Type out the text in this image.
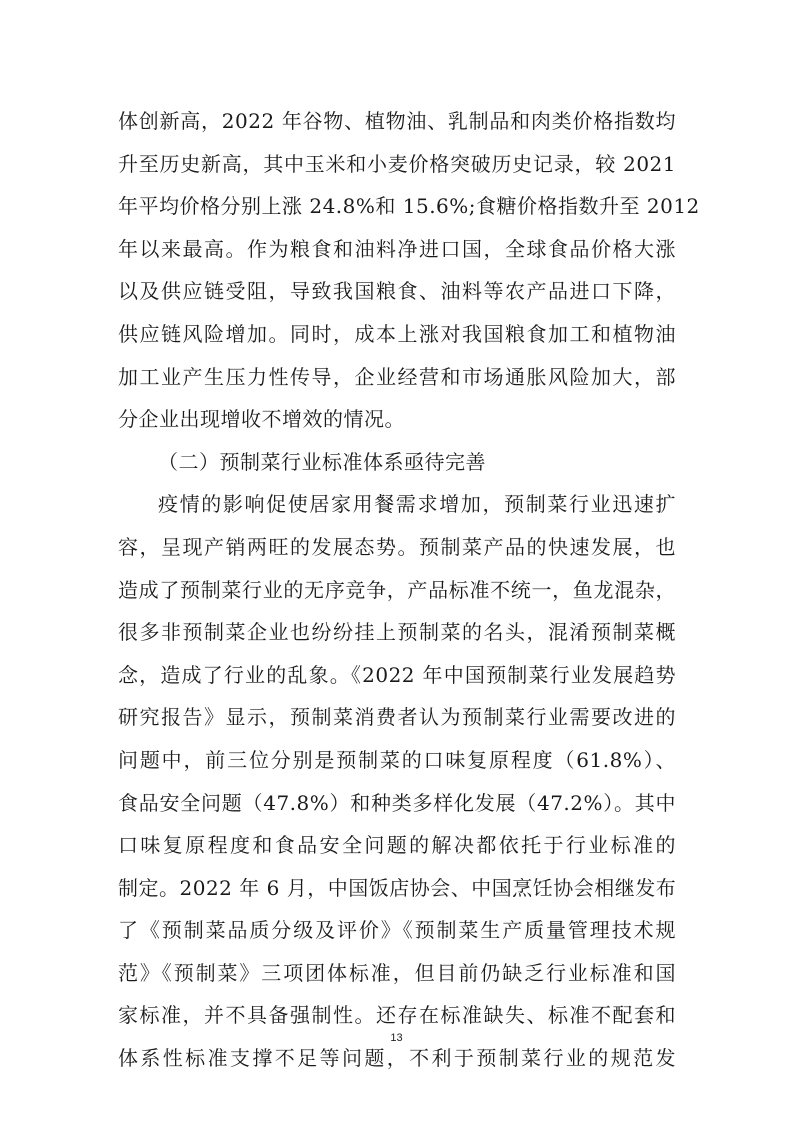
体创新高，2022 年谷物、植物油、乳制品和肉类价格指数均
升至历史新高，其中玉米和小麦价格突破历史记录，较 2021
年平均价格分别上涨 24.8%和 15.6%;食糖价格指数升至 2012
年以来最高。作为粮食和油料净进口国，全球食品价格大涨
以及供应链受阻，导致我国粮食、油料等农产品进口下降，
供应链风险增加。同时，成本上涨对我国粮食加工和植物油
加工业产生压力性传导，企业经营和市场通胀风险加大，部
分企业出现增收不增效的情况。
（二）预制菜行业标准体系亟待完善
疫情的影响促使居家用餐需求增加，预制菜行业迅速扩
容，呈现产销两旺的发展态势。预制菜产品的快速发展，也
造成了预制菜行业的无序竞争，产品标准不统一，鱼龙混杂，
很多非预制菜企业也纷纷挂上预制菜的名头，混淆预制菜概
念，造成了行业的乱象。《2022 年中国预制菜行业发展趋势
研究报告》显示，预制菜消费者认为预制菜行业需要改进的
问题中，前三位分别是预制菜的口味复原程度（61.8%）、
食品安全问题（47.8%）和种类多样化发展（47.2%）。其中
口味复原程度和食品安全问题的解决都依托于行业标准的
制定。2022 年 6 月，中国饭店协会、中国烹饪协会相继发布
了《预制菜品质分级及评价》《预制菜生产质量管理技术规
范》《预制菜》三项团体标准，但目前仍缺乏行业标准和国
家标准，并不具备强制性。还存在标准缺失、标准不配套和
体系性标准支撑不足等问题，不利于预制菜行业的规范发
13
